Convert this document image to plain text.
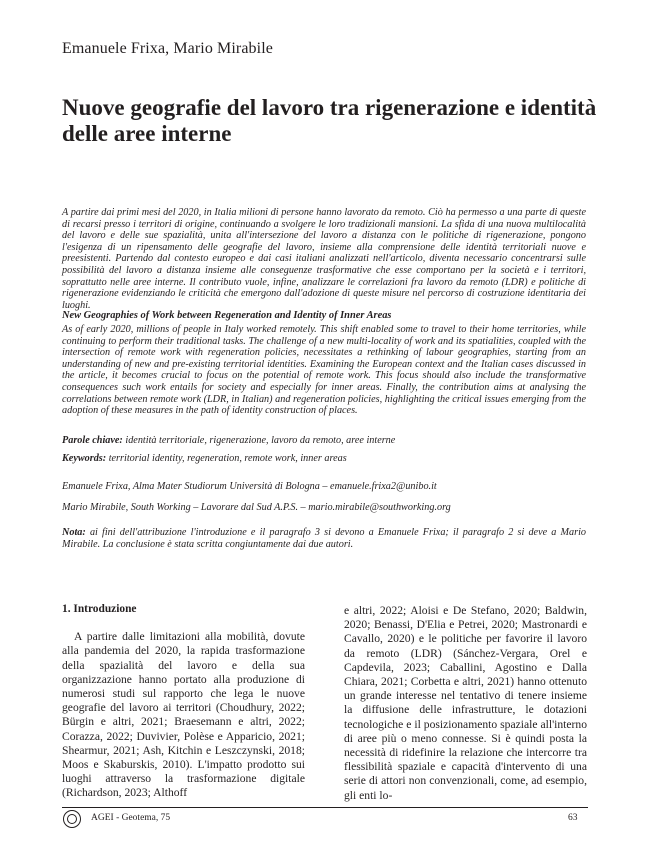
Emanuele Frixa, Mario Mirabile
Nuove geografie del lavoro tra rigenerazione e identità delle aree interne
A partire dai primi mesi del 2020, in Italia milioni di persone hanno lavorato da remoto. Ciò ha permesso a una parte di queste di recarsi presso i territori di origine, continuando a svolgere le loro tradizionali mansioni. La sfida di una nuova multilocalità del lavoro e delle sue spazialità, unita all'intersezione del lavoro a distanza con le politiche di rigenerazione, pongono l'esigenza di un ripensamento delle geografie del lavoro, insieme alla comprensione delle identità territoriali nuove e preesistenti. Partendo dal contesto europeo e dai casi italiani analizzati nell'articolo, diventa necessario concentrarsi sulle possibilità del lavoro a distanza insieme alle conseguenze trasformative che esse comportano per la società e i territori, soprattutto nelle aree interne. Il contributo vuole, infine, analizzare le correlazioni fra lavoro da remoto (LDR) e politiche di rigenerazione evidenziando le criticità che emergono dall'adozione di queste misure nel percorso di costruzione identitaria dei luoghi.
New Geographies of Work between Regeneration and Identity of Inner Areas
As of early 2020, millions of people in Italy worked remotely. This shift enabled some to travel to their home territories, while continuing to perform their traditional tasks. The challenge of a new multi-locality of work and its spatialities, coupled with the intersection of remote work with regeneration policies, necessitates a rethinking of labour geographies, starting from an understanding of new and pre-existing territorial identities. Examining the European context and the Italian cases discussed in the article, it becomes crucial to focus on the potential of remote work. This focus should also include the transformative consequences such work entails for society and especially for inner areas. Finally, the contribution aims at analysing the correlations between remote work (LDR, in Italian) and regeneration policies, highlighting the critical issues emerging from the adoption of these measures in the path of identity construction of places.
Parole chiave: identità territoriale, rigenerazione, lavoro da remoto, aree interne
Keywords: territorial identity, regeneration, remote work, inner areas
Emanuele Frixa, Alma Mater Studiorum Università di Bologna – emanuele.frixa2@unibo.it
Mario Mirabile, South Working – Lavorare dal Sud A.P.S. – mario.mirabile@southworking.org
Nota: ai fini dell'attribuzione l'introduzione e il paragrafo 3 si devono a Emanuele Frixa; il paragrafo 2 si deve a Mario Mirabile. La conclusione è stata scritta congiuntamente dai due autori.
1. Introduzione

A partire dalle limitazioni alla mobilità, dovute alla pandemia del 2020, la rapida trasformazione della spazialità del lavoro e della sua organizzazione hanno portato alla produzione di numerosi studi sul rapporto che lega le nuove geografie del lavoro ai territori (Choudhury, 2022; Bürgin e altri, 2021; Braesemann e altri, 2022; Corazza, 2022; Duvivier, Polèse e Apparicio, 2021; Shearmur, 2021; Ash, Kitchin e Leszczynski, 2018; Moos e Skaburskis, 2010). L'impatto prodotto sui luoghi attraverso la trasformazione digitale (Richardson, 2023; Althoff

e altri, 2022; Aloisi e De Stefano, 2020; Baldwin, 2020; Benassi, D'Elia e Petrei, 2020; Mastronardi e Cavallo, 2020) e le politiche per favorire il lavoro da remoto (LDR) (Sánchez-Vergara, Orel e Capdevila, 2023; Caballini, Agostino e Dalla Chiara, 2021; Corbetta e altri, 2021) hanno ottenuto un grande interesse nel tentativo di tenere insieme la diffusione delle infrastrutture, le dotazioni tecnologiche e il posizionamento spaziale all'interno di aree più o meno connesse. Si è quindi posta la necessità di ridefinire la relazione che intercorre tra flessibilità spaziale e capacità d'intervento di una serie di attori non convenzionali, come, ad esempio, gli enti lo-

AGEI - Geotema, 75	63
